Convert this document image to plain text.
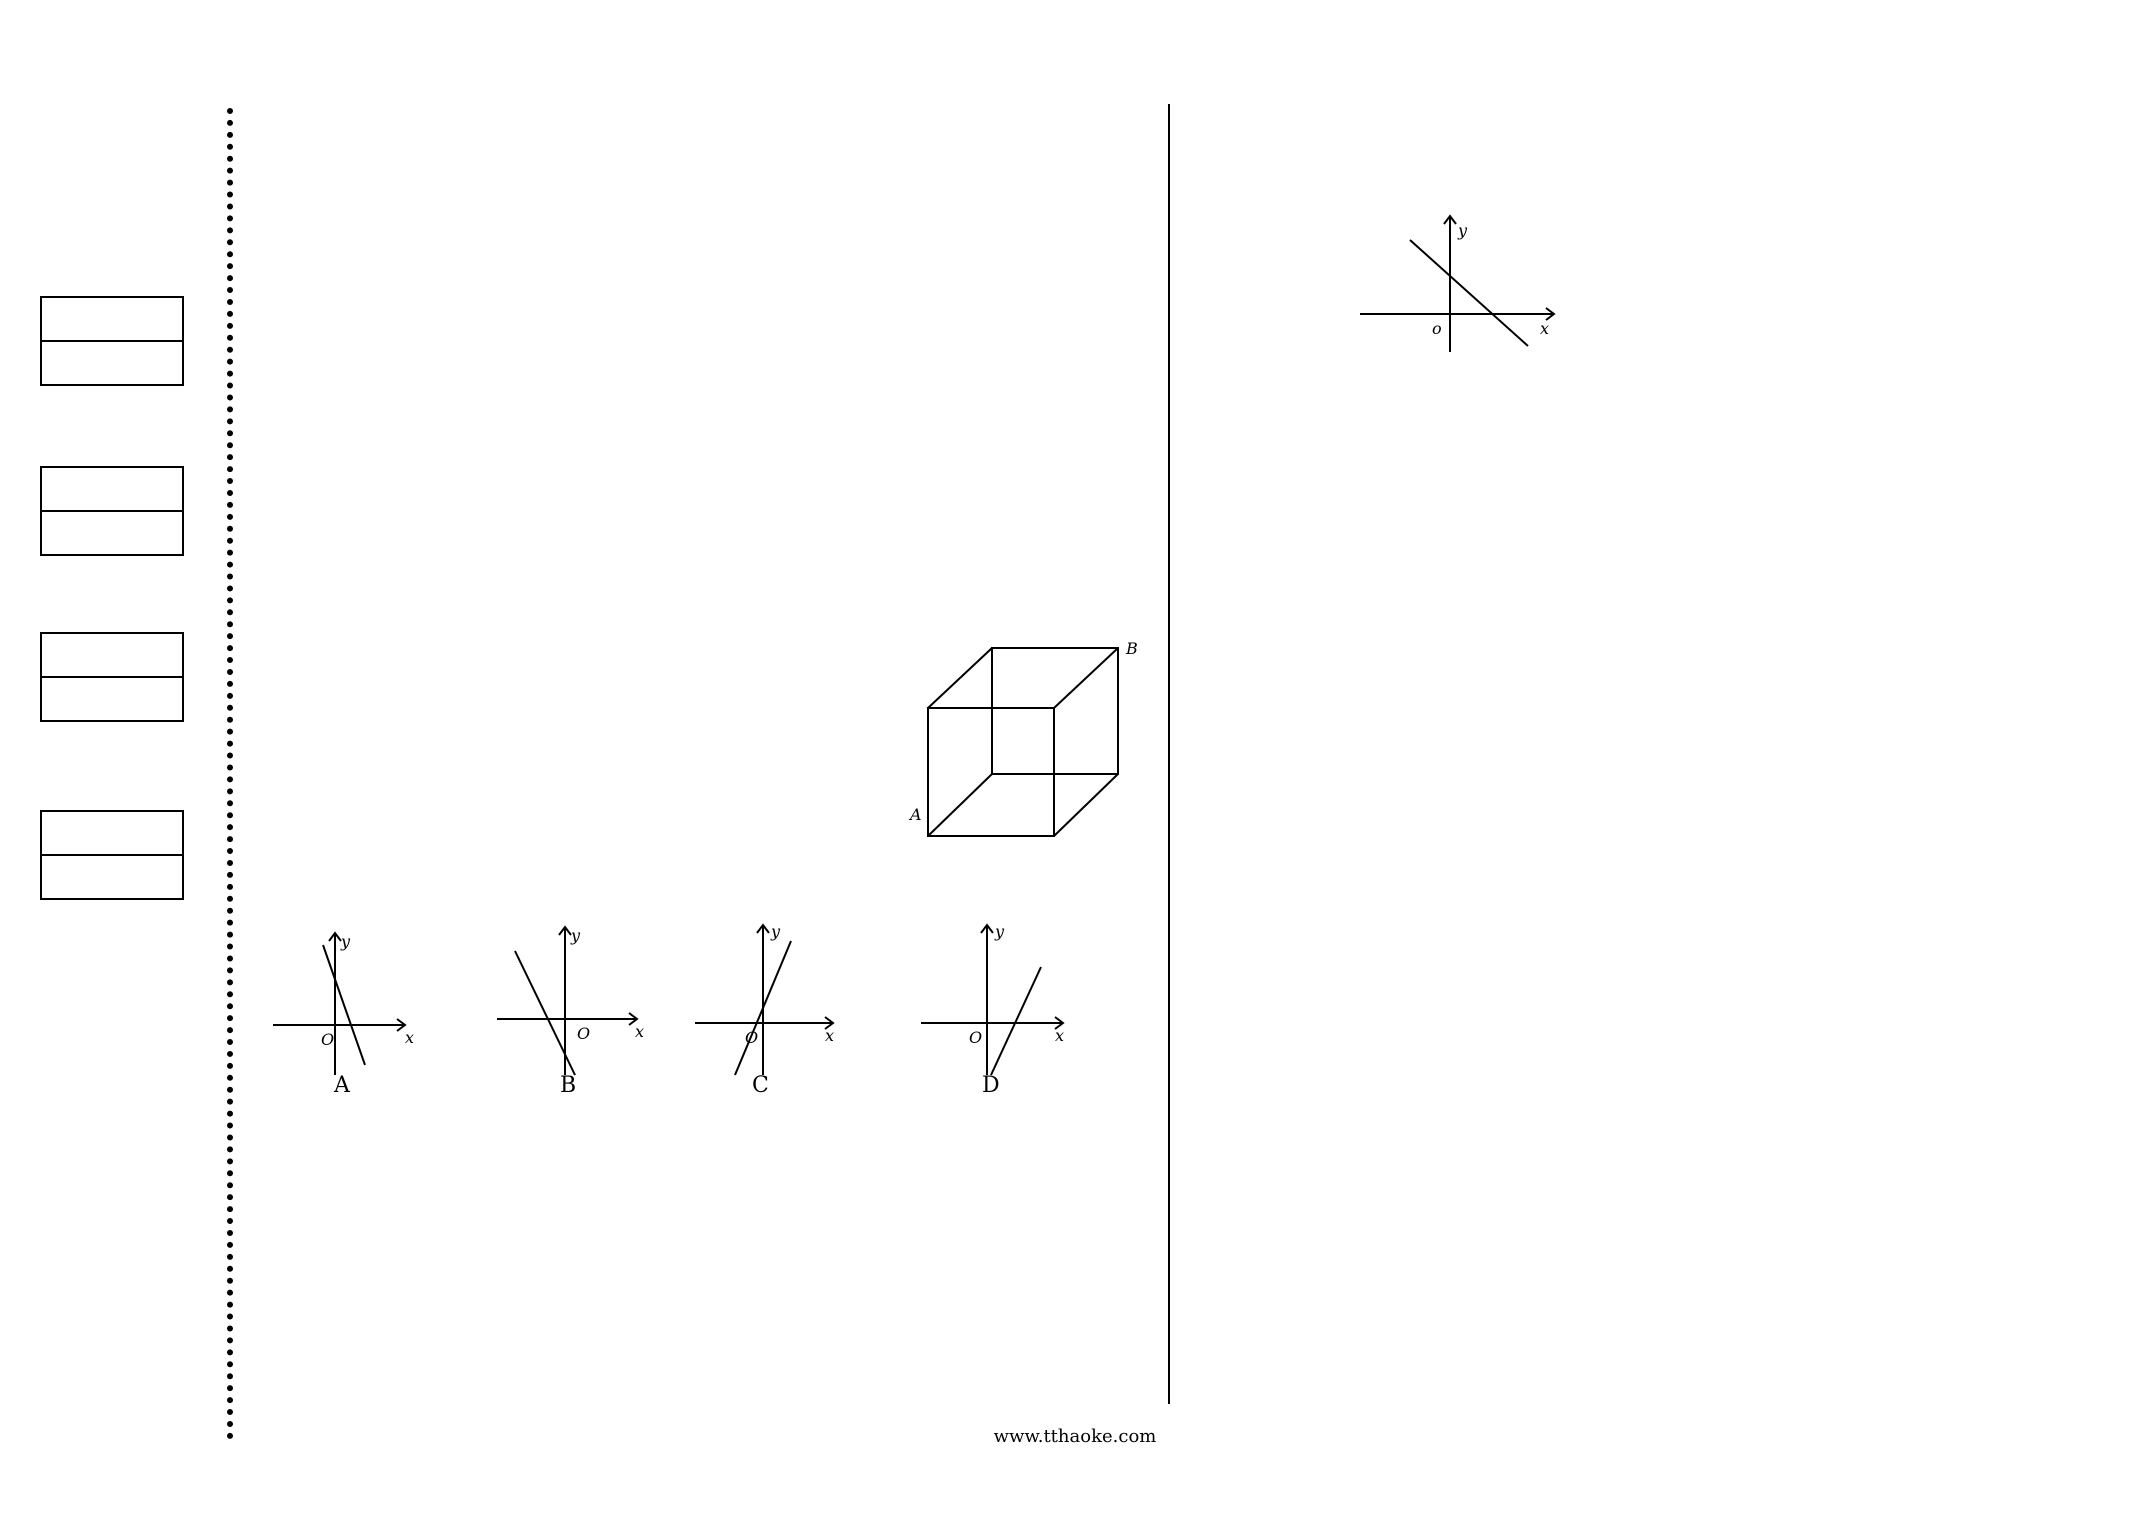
A
B
y
x
O
y
x
O
y
x
O
y
x
O
A	B	C	D
y
x
o
www.tthaoke.com
